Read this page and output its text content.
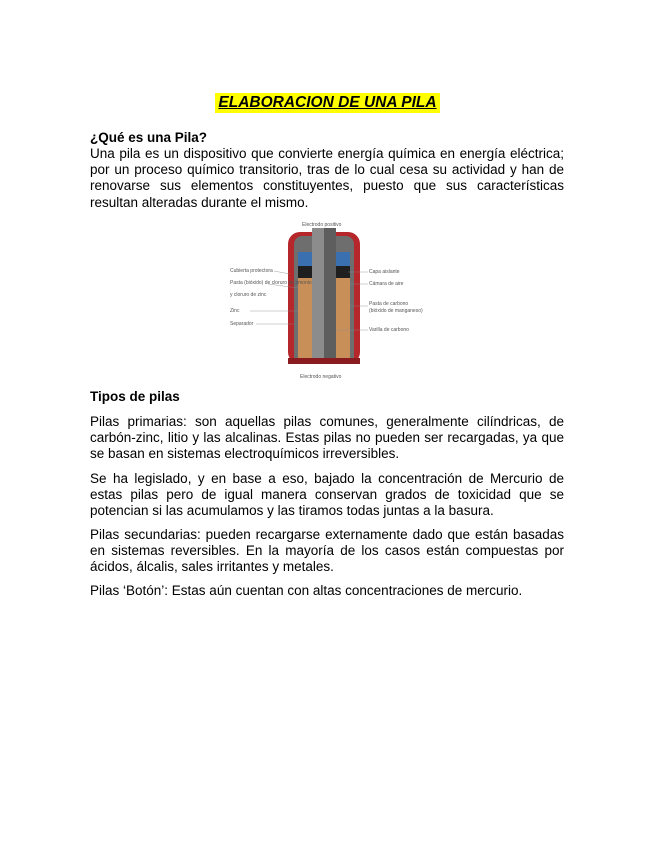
ELABORACION DE UNA PILA
¿Qué es una Pila?
Una pila es un dispositivo que convierte energía química en energía eléctrica; por un proceso químico transitorio, tras de lo cual cesa su actividad y han de renovarse sus elementos constituyentes, puesto que sus características resultan alteradas durante el mismo.
Electrodo positivo
Cubierta protectora
Pasta (bióxido) de cloruro de amonio
y cloruro de zinc
Zinc
Separador
Capa aislante
Cámara de aire
Pasta de carbono
(bióxido de manganeso)
Varilla de carbono
Electrodo negativo
Tipos de pilas
Pilas primarias: son aquellas pilas comunes, generalmente cilíndricas, de carbón-zinc, litio y las alcalinas. Estas pilas no pueden ser recargadas, ya que se basan en sistemas electroquímicos irreversibles.
Se ha legislado, y en base a eso, bajado la concentración de Mercurio de estas pilas pero de igual manera conservan grados de toxicidad que se potencian si las acumulamos y las tiramos todas juntas a la basura.
Pilas secundarias: pueden recargarse externamente dado que están basadas en sistemas reversibles. En la mayoría de los casos están compuestas por ácidos, álcalis, sales irritantes y metales.
Pilas ‘Botón’: Estas aún cuentan con altas concentraciones de mercurio.
